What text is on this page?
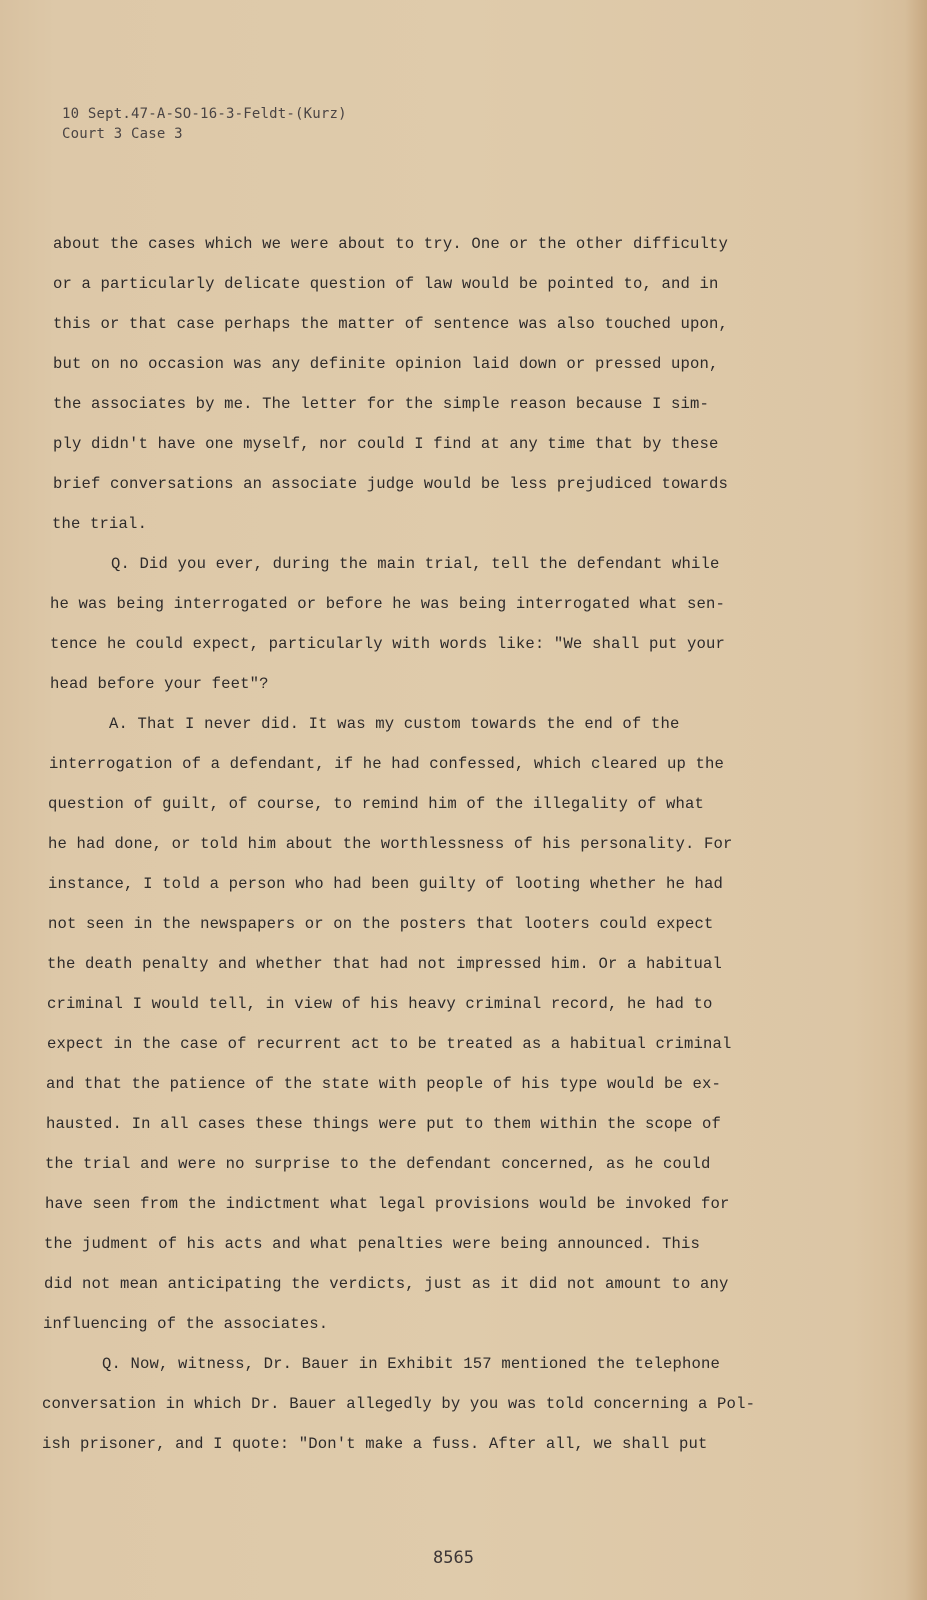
10 Sept.47-A-SO-16-3-Feldt-(Kurz)
Court 3 Case 3
about the cases which we were about to try. One or the other difficulty
or a particularly delicate question of law would be pointed to, and in
this or that case perhaps the matter of sentence was also touched upon,
but on no occasion was any definite opinion laid down or pressed upon,
the associates by me. The letter for the simple reason because I sim-
ply didn't have one myself, nor could I find at any time that by these
brief conversations an associate judge would be less prejudiced towards
the trial.
Q. Did you ever, during the main trial, tell the defendant while
he was being interrogated or before he was being interrogated what sen-
tence he could expect, particularly with words like: "We shall put your
head before your feet"?
A. That I never did. It was my custom towards the end of the
interrogation of a defendant, if he had confessed, which cleared up the
question of guilt, of course, to remind him of the illegality of what
he had done, or told him about the worthlessness of his personality. For
instance, I told a person who had been guilty of looting whether he had
not seen in the newspapers or on the posters that looters could expect
the death penalty and whether that had not impressed him. Or a habitual
criminal I would tell, in view of his heavy criminal record, he had to
expect in the case of recurrent act to be treated as a habitual criminal
and that the patience of the state with people of his type would be ex-
hausted. In all cases these things were put to them within the scope of
the trial and were no surprise to the defendant concerned, as he could
have seen from the indictment what legal provisions would be invoked for
the judment of his acts and what penalties were being announced. This
did not mean anticipating the verdicts, just as it did not amount to any
influencing of the associates.
Q. Now, witness, Dr. Bauer in Exhibit 157 mentioned the telephone
conversation in which Dr. Bauer allegedly by you was told concerning a Pol-
ish prisoner, and I quote: "Don't make a fuss. After all, we shall put
8565
